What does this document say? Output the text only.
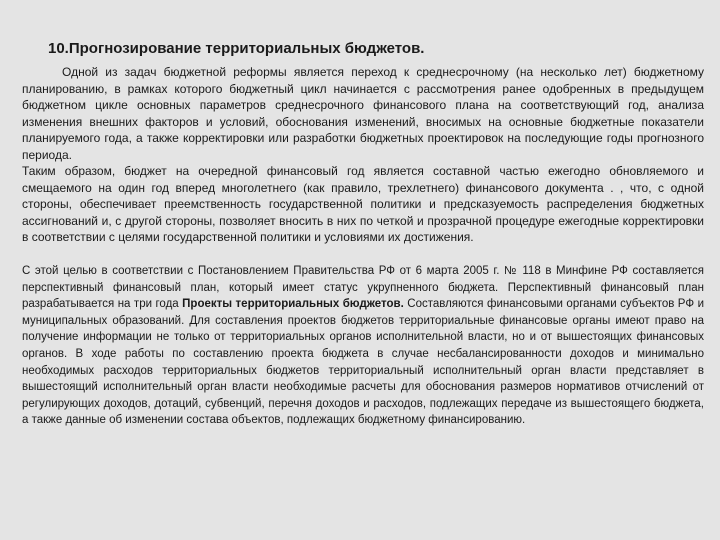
10.Прогнозирование территориальных бюджетов.

Одной из задач бюджетной реформы является переход к среднесрочному (на несколько лет) бюджетному планированию, в рамках которого бюджетный цикл начинается с рассмотрения ранее одобренных в предыдущем бюджетном цикле основных параметров среднесрочного финансового плана на соответствующий год, анализа изменения внешних факторов и условий, обоснования изменений, вносимых на основные бюджетные показатели планируемого года, а также корректировки или разработки бюджетных проектировок на последующие годы прогнозного периода.

Таким образом, бюджет на очередной финансовый год является составной частью ежегодно обновляемого и смещаемого на один год вперед многолетнего (как правило, трехлетнего) финансового документа . , что, с одной стороны, обеспечивает преемственность государственной политики и предсказуемость распределения бюджетных ассигнований и, с другой стороны, позволяет вносить в них по четкой и прозрачной процедуре ежегодные корректировки в соответствии с целями государственной политики и условиями их достижения.

С этой целью в соответствии с Постановлением Правительства РФ от 6 марта 2005 г. № 118 в Минфине РФ составляется перспективный финансовый план, который имеет статус укрупненного бюджета. Перспективный финансовый план разрабатывается на три года Проекты территориальных бюджетов. Составляются финансовыми органами субъектов РФ и муниципальных образований. Для составления проектов бюджетов территориальные финансовые органы имеют право на получение информации не только от территориальных органов исполнительной власти, но и от вышестоящих финансовых органов. В ходе работы по составлению проекта бюджета в случае несбалансированности доходов и минимально необходимых расходов территориальных бюджетов территориальный исполнительный орган власти представляет в вышестоящий исполнительный орган власти необходимые расчеты для обоснования размеров нормативов отчислений от регулирующих доходов, дотаций, субвенций, перечня доходов и расходов, подлежащих передаче из вышестоящего бюджета, а также данные об изменении состава объектов, подлежащих бюджетному финансированию.
